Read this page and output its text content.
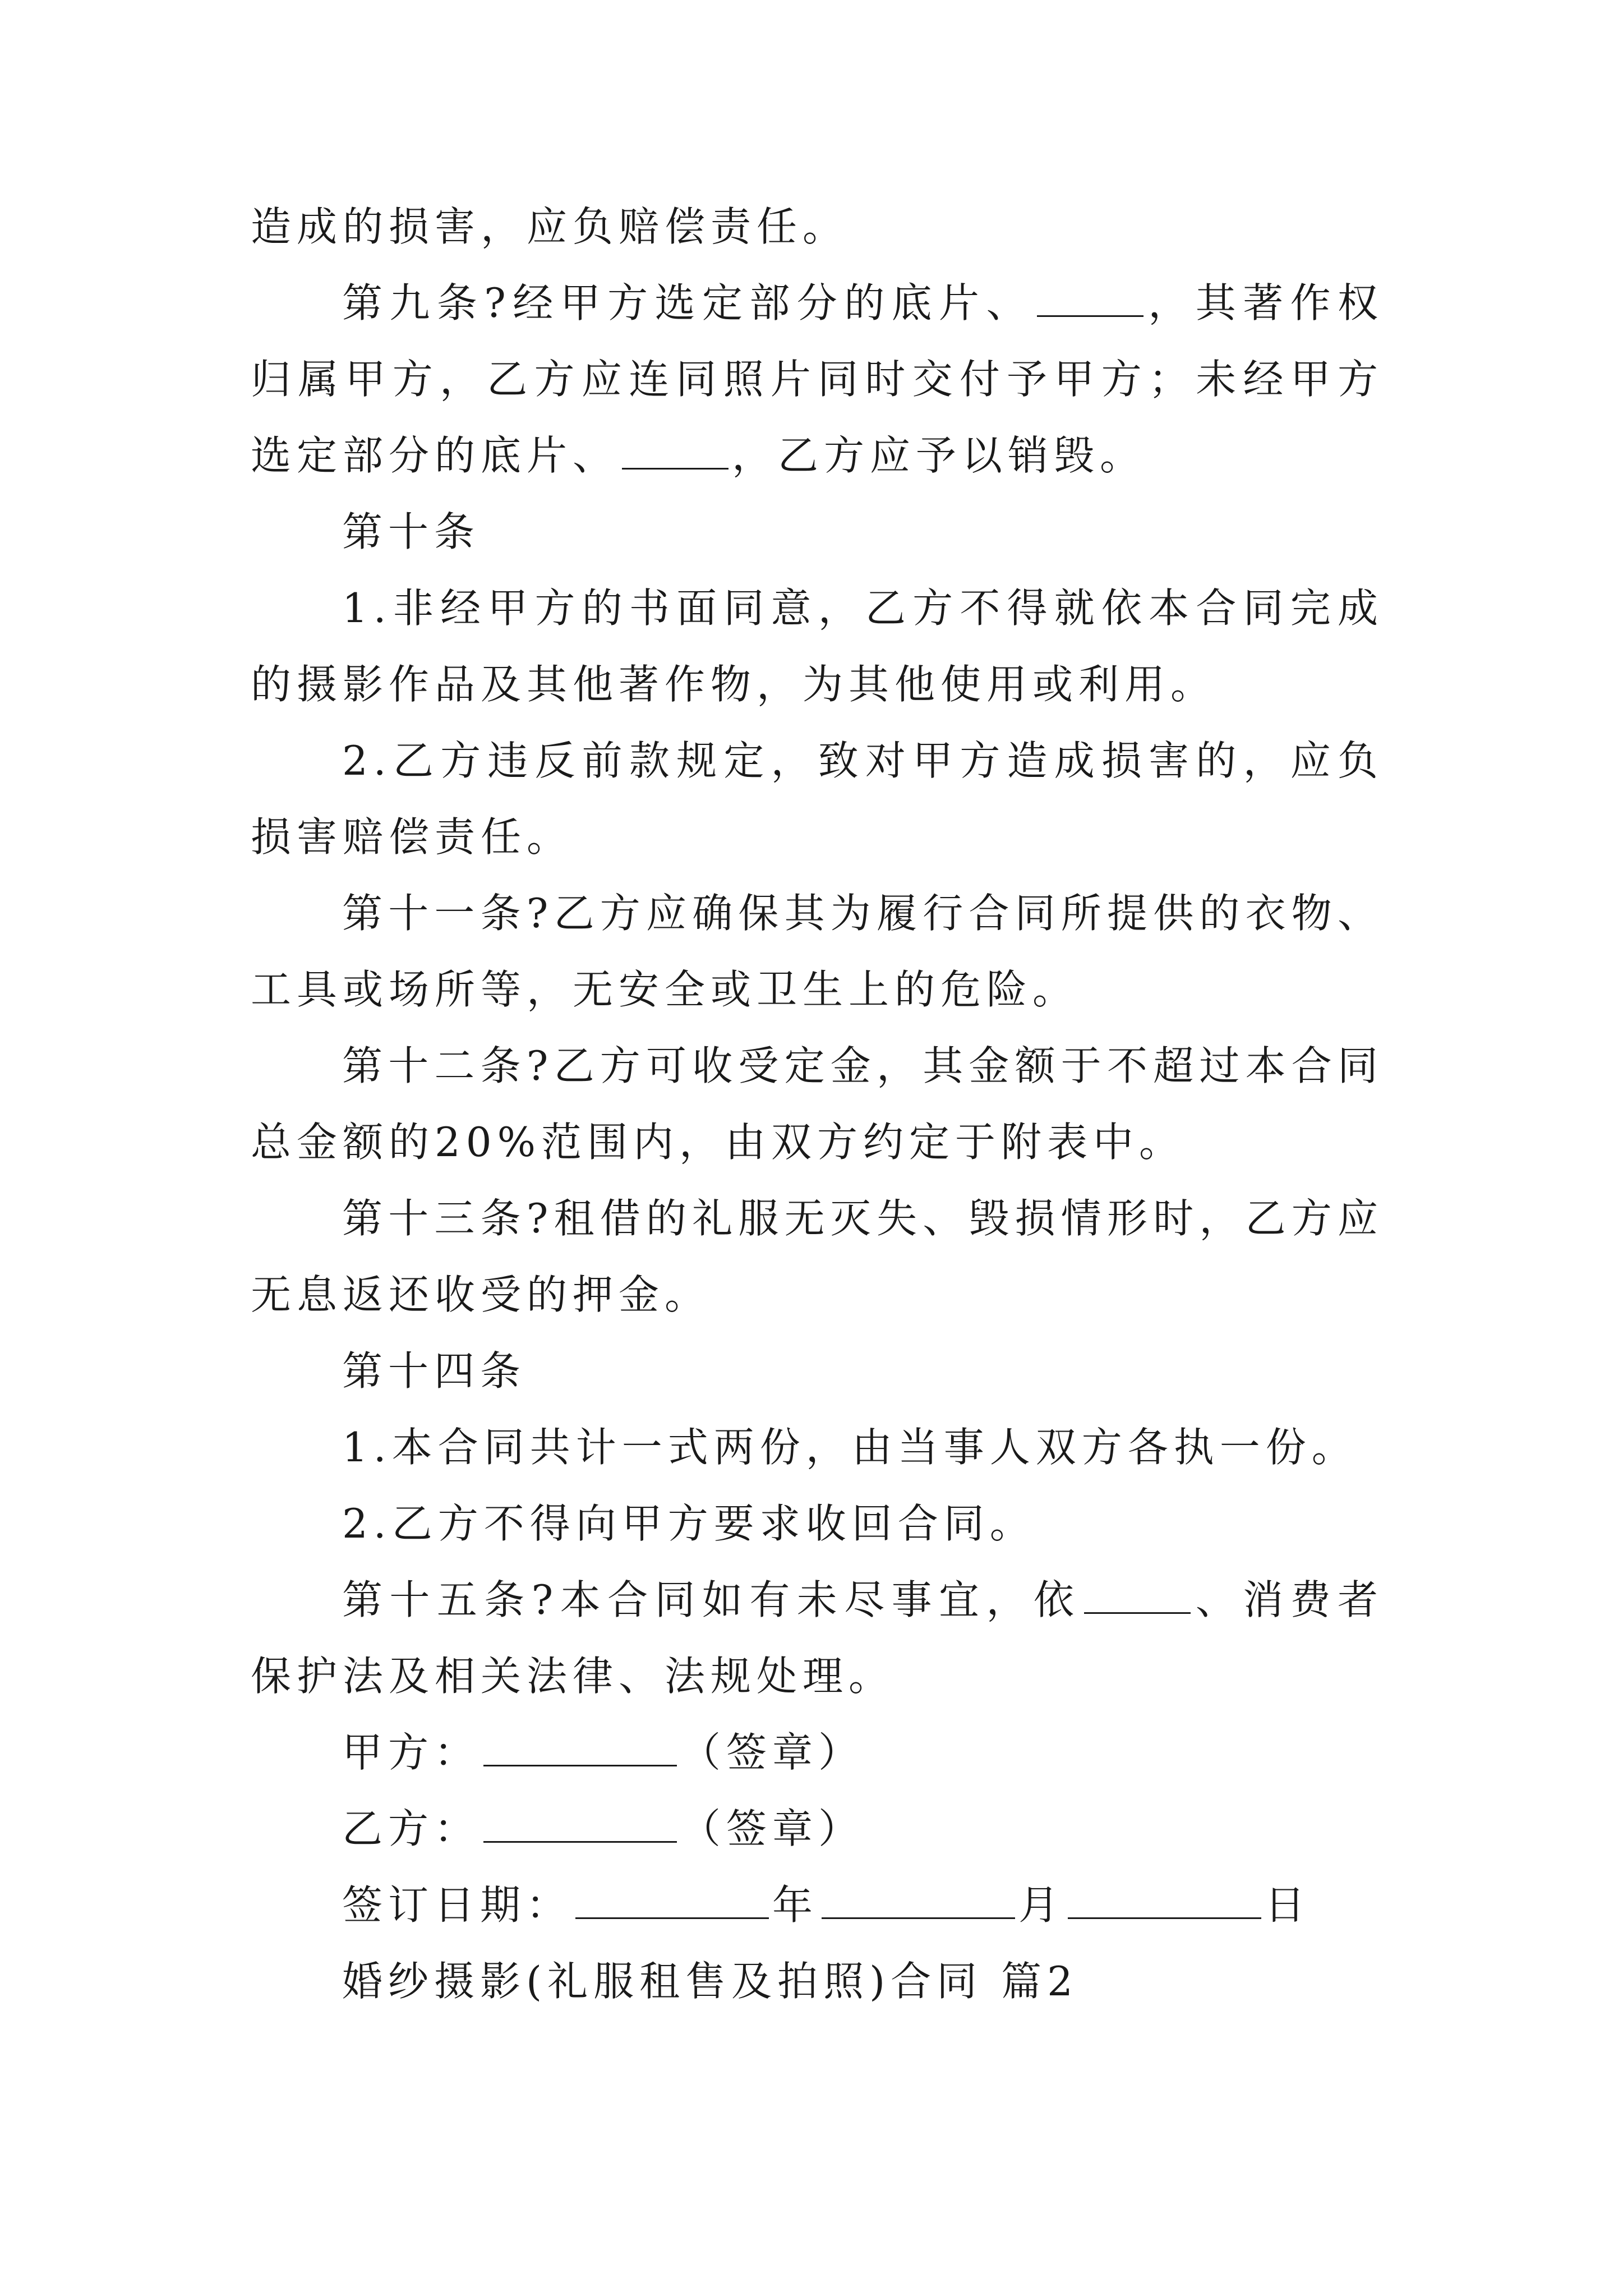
造成的损害，应负赔偿责任。

第九条?经甲方选定部分的底片、	，其著作权归属甲方，乙方应连同照片同时交付予甲方；未经甲方选定部分的底片、	，乙方应予以销毁。

第十条

1.非经甲方的书面同意，乙方不得就依本合同完成的摄影作品及其他著作物，为其他使用或利用。

2.乙方违反前款规定，致对甲方造成损害的，应负损害赔偿责任。

第十一条?乙方应确保其为履行合同所提供的衣物、工具或场所等，无安全或卫生上的危险。

第十二条?乙方可收受定金，其金额于不超过本合同总金额的20%范围内，由双方约定于附表中。

第十三条?租借的礼服无灭失、毁损情形时，乙方应无息返还收受的押金。

第十四条

1.本合同共计一式两份，由当事人双方各执一份。

2.乙方不得向甲方要求收回合同。

第十五条?本合同如有未尽事宜，依	、消费者保护法及相关法律、法规处理。

甲方：	（签章）

乙方：	（签章）

签订日期：	年	月	日

婚纱摄影(礼服租售及拍照)合同 篇2
